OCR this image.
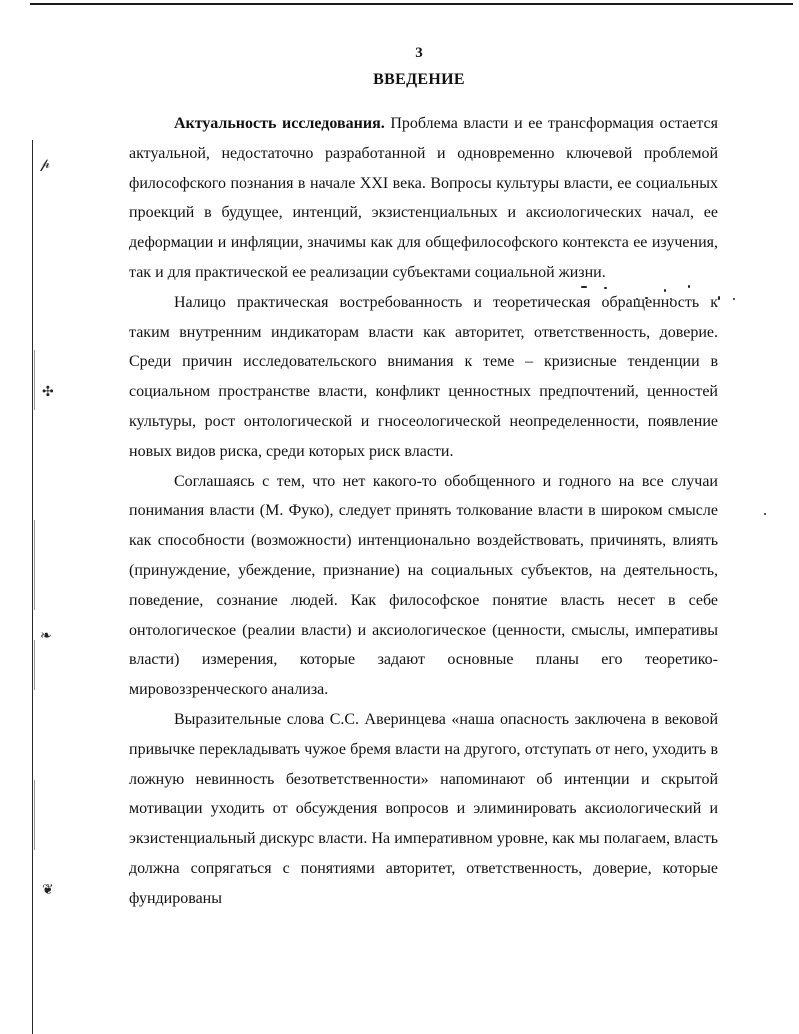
𝓅
✣
❧
❦
3
ВВЕДЕНИЕ

Актуальность исследования. Проблема власти и ее трансформация остается актуальной, недостаточно разработанной и одновременно ключевой проблемой философского познания в начале XXI века. Вопросы культуры власти, ее социальных проекций в будущее, интенций, экзистенциальных и аксиологических начал, ее деформации и инфляции, значимы как для общефилософского контекста ее изучения, так и для практической ее реализации субъектами социальной жизни.

Налицо практическая востребованность и теоретическая обращенность к таким внутренним индикаторам власти как авторитет, ответственность, доверие. Среди причин исследовательского внимания к теме – кризисные тенденции в социальном пространстве власти, конфликт ценностных предпочтений, ценностей культуры, рост онтологической и гносеологической неопределенности, появление новых видов риска, среди которых риск власти.

Соглашаясь с тем, что нет какого-то обобщенного и годного на все случаи понимания власти (М. Фуко), следует принять толкование власти в широком смысле как способности (возможности) интенционально воздействовать, причинять, влиять (принуждение, убеждение, признание) на социальных субъектов, на деятельность, поведение, сознание людей. Как философское понятие власть несет в себе онтологическое (реалии власти) и аксиологическое (ценности, смыслы, императивы власти) измерения, которые задают основные планы его теоретико-мировоззренческого анализа.

Выразительные слова С.С. Аверинцева «наша опасность заключена в вековой привычке перекладывать чужое бремя власти на другого, отступать от него, уходить в ложную невинность безответственности» напоминают об интенции и скрытой мотивации уходить от обсуждения вопросов и элиминировать аксиологический и экзистенциальный дискурс власти. На императивном уровне, как мы полагаем, власть должна сопрягаться с понятиями авторитет, ответственность, доверие, которые фундированы
